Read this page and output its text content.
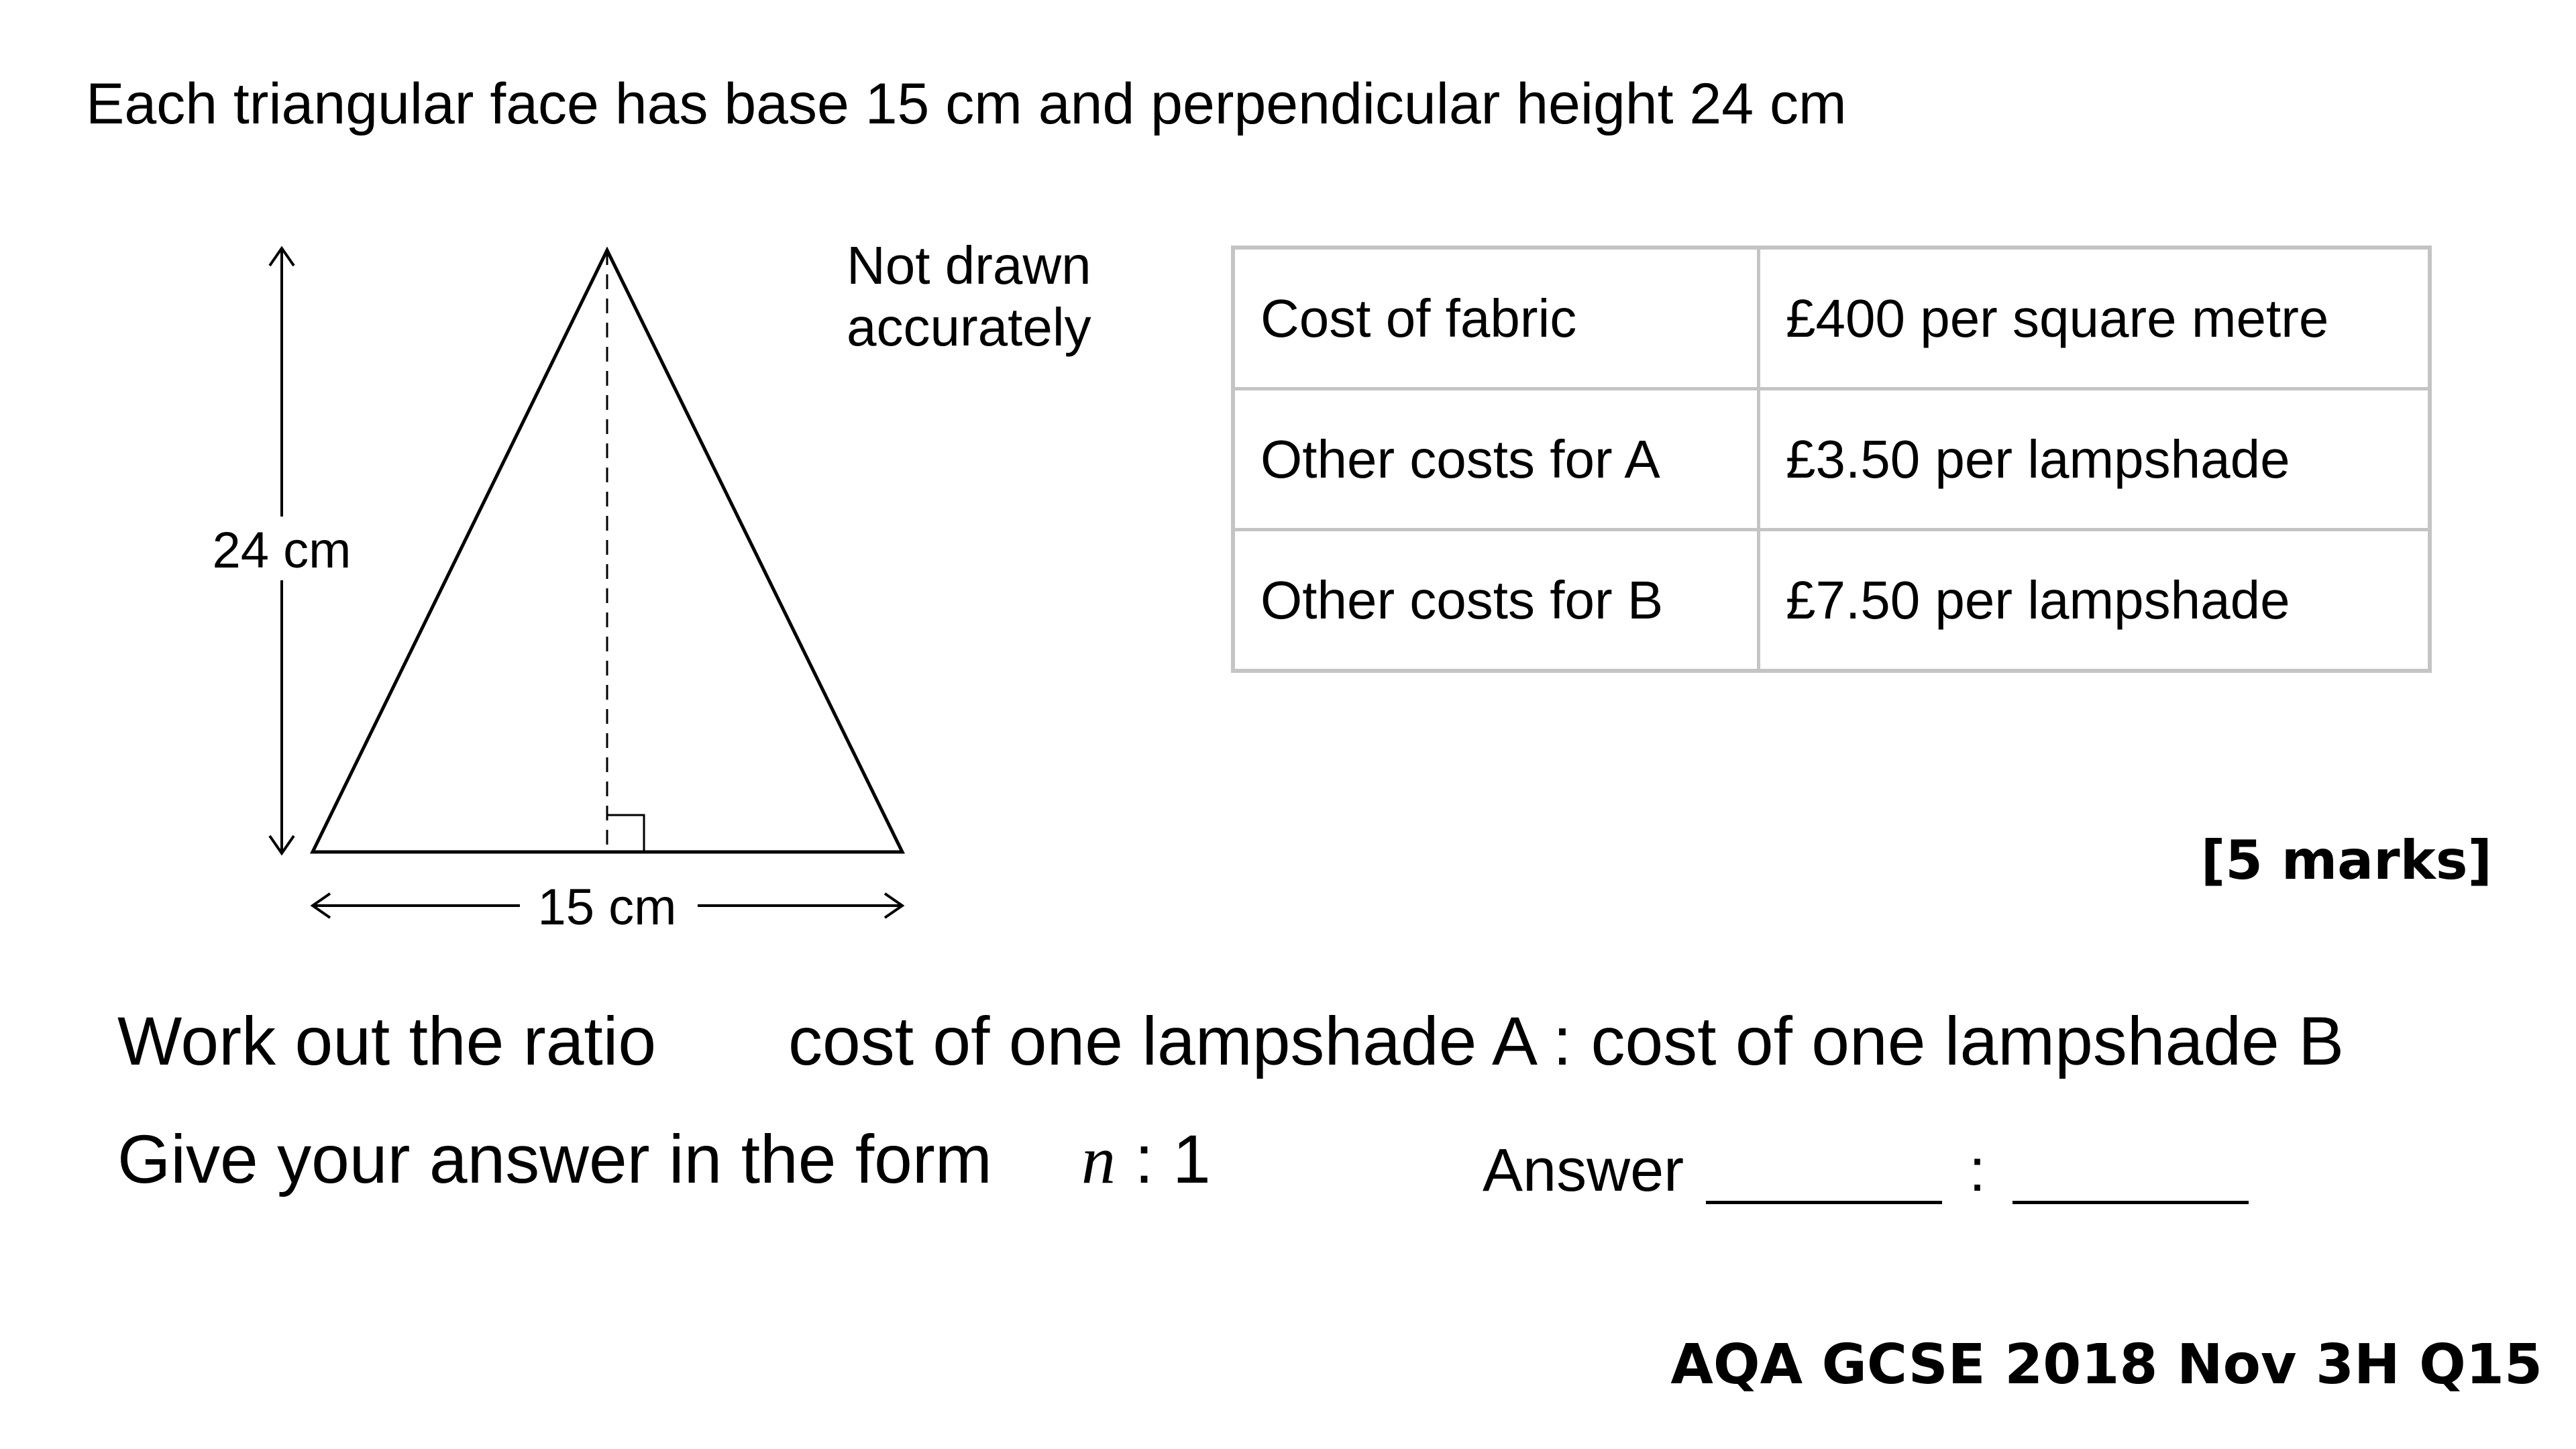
Each triangular face has base 15 cm and perpendicular height 24 cm
24 cm
15 cm
Not drawn accurately	Cost of fabric	£400 per square metre
Other costs for A	£3.50 per lampshade
Other costs for B	£7.50 per lampshade
[5 marks]
Work out the ratio cost of one lampshade A : cost of one lampshade B
Give your answer in the form n : 1	Answer	:
AQA GCSE 2018 Nov 3H Q15
